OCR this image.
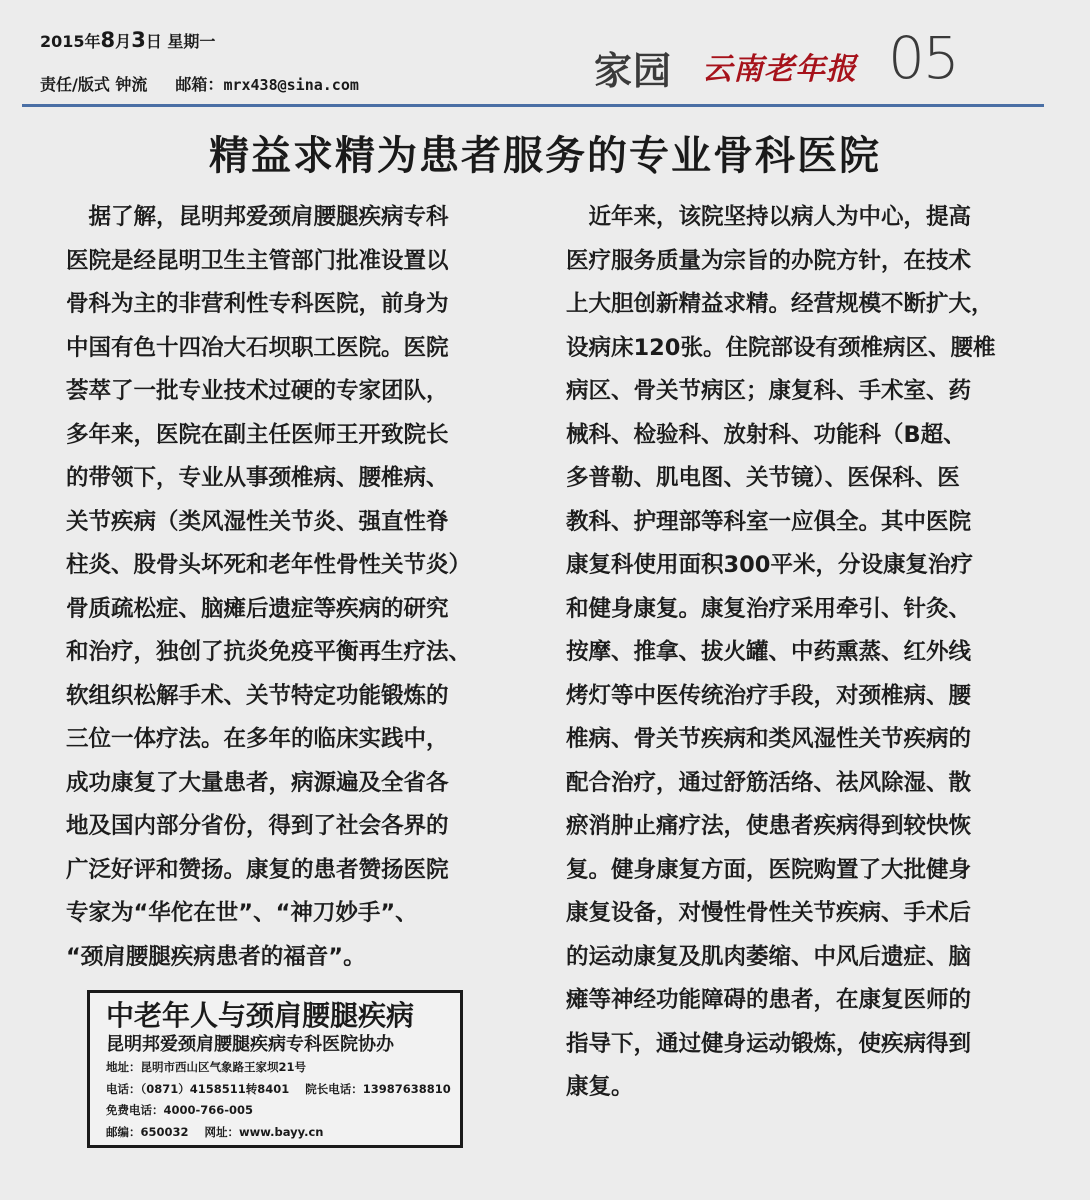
2015年8月3日 星期一
责任/版式 钟流 邮箱：mrx438@sina.com	家园 云南老年报 05
精益求精为患者服务的专业骨科医院

　据了解，昆明邦爱颈肩腰腿疾病专科

医院是经昆明卫生主管部门批准设置以

骨科为主的非营利性专科医院，前身为

中国有色十四冶大石坝职工医院。医院

荟萃了一批专业技术过硬的专家团队，

多年来，医院在副主任医师王开致院长

的带领下，专业从事颈椎病、腰椎病、

关节疾病（类风湿性关节炎、强直性脊

柱炎、股骨头坏死和老年性骨性关节炎）

骨质疏松症、脑瘫后遗症等疾病的研究

和治疗，独创了抗炎免疫平衡再生疗法、

软组织松解手术、关节特定功能锻炼的

三位一体疗法。在多年的临床实践中，

成功康复了大量患者，病源遍及全省各

地及国内部分省份，得到了社会各界的

广泛好评和赞扬。康复的患者赞扬医院

专家为“华佗在世”、“神刀妙手”、

“颈肩腰腿疾病患者的福音”。

　近年来，该院坚持以病人为中心，提高

医疗服务质量为宗旨的办院方针，在技术

上大胆创新精益求精。经营规模不断扩大，

设病床120张。住院部设有颈椎病区、腰椎

病区、骨关节病区；康复科、手术室、药

械科、检验科、放射科、功能科（B超、

多普勒、肌电图、关节镜）、医保科、医

教科、护理部等科室一应俱全。其中医院

康复科使用面积300平米，分设康复治疗

和健身康复。康复治疗采用牵引、针灸、

按摩、推拿、拔火罐、中药熏蒸、红外线

烤灯等中医传统治疗手段，对颈椎病、腰

椎病、骨关节疾病和类风湿性关节疾病的

配合治疗，通过舒筋活络、祛风除湿、散

瘀消肿止痛疗法，使患者疾病得到较快恢

复。健身康复方面，医院购置了大批健身

康复设备，对慢性骨性关节疾病、手术后

的运动康复及肌肉萎缩、中风后遗症、脑

瘫等神经功能障碍的患者，在康复医师的

指导下，通过健身运动锻炼，使疾病得到

康复。

中老年人与颈肩腰腿疾病
昆明邦爱颈肩腰腿疾病专科医院协办
地址：昆明市西山区气象路王家坝21号
电话：（0871）4158511转8401 院长电话：13987638810
免费电话：4000-766-005
邮编：650032 网址：www.bayy.cn
